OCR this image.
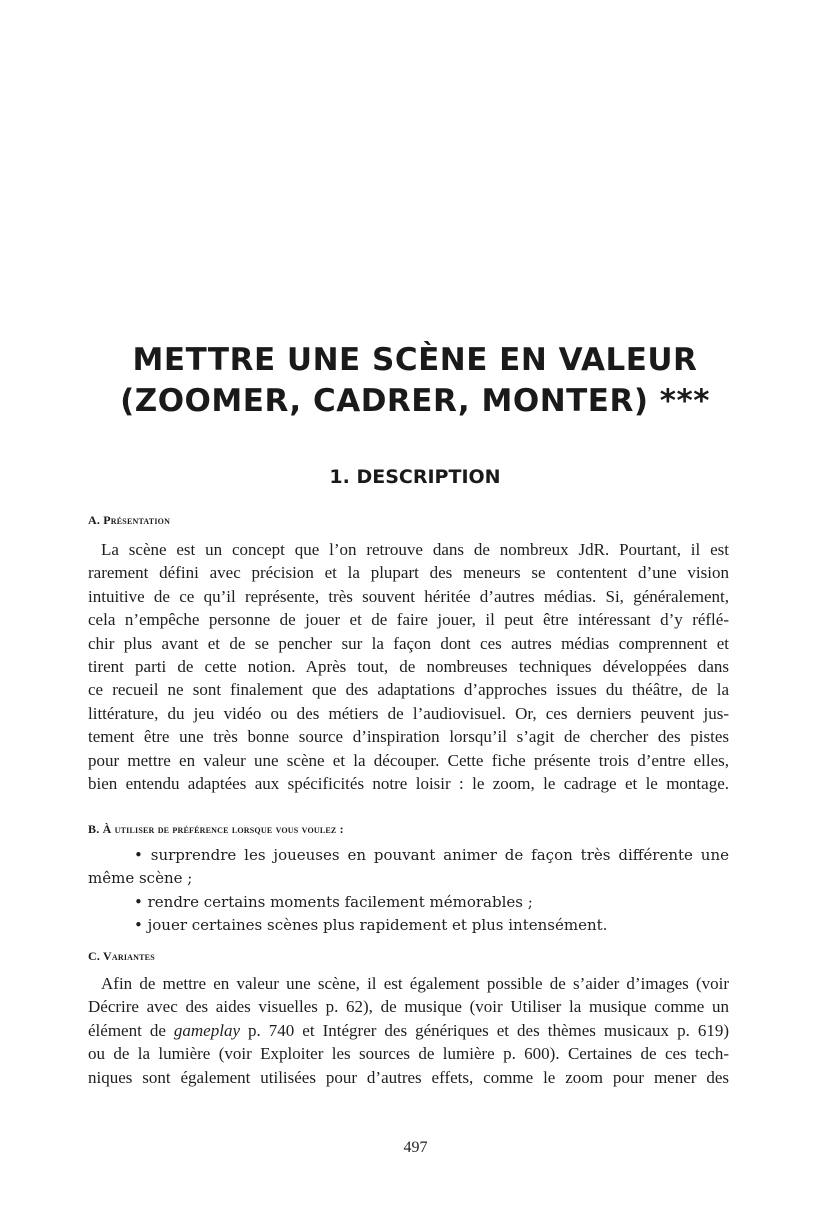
METTRE UNE SCÈNE EN VALEUR
(ZOOMER, CADRER, MONTER) ***
1. DESCRIPTION
A. Présentation
La scène est un concept que l’on retrouve dans de nombreux JdR. Pourtant, il est
rarement défini avec précision et la plupart des meneurs se contentent d’une vision
intuitive de ce qu’il représente, très souvent héritée d’autres médias. Si, généralement,
cela n’empêche personne de jouer et de faire jouer, il peut être intéressant d’y réflé-
chir plus avant et de se pencher sur la façon dont ces autres médias comprennent et
tirent parti de cette notion. Après tout, de nombreuses techniques développées dans
ce recueil ne sont finalement que des adaptations d’approches issues du théâtre, de la
littérature, du jeu vidéo ou des métiers de l’audiovisuel. Or, ces derniers peuvent jus-
tement être une très bonne source d’inspiration lorsqu’il s’agit de chercher des pistes
pour mettre en valeur une scène et la découper. Cette fiche présente trois d’entre elles,
bien entendu adaptées aux spécificités notre loisir : le zoom, le cadrage et le montage.
B. À utiliser de préférence lorsque vous voulez :
• surprendre les joueuses en pouvant animer de façon très différente une
même scène ;
• rendre certains moments facilement mémorables ;
• jouer certaines scènes plus rapidement et plus intensément.
C. Variantes
Afin de mettre en valeur une scène, il est également possible de s’aider d’images (voir
Décrire avec des aides visuelles p. 62), de musique (voir Utiliser la musique comme un
élément de gameplay p. 740 et Intégrer des génériques et des thèmes musicaux p. 619)
ou de la lumière (voir Exploiter les sources de lumière p. 600). Certaines de ces tech-
niques sont également utilisées pour d’autres effets, comme le zoom pour mener des

497
